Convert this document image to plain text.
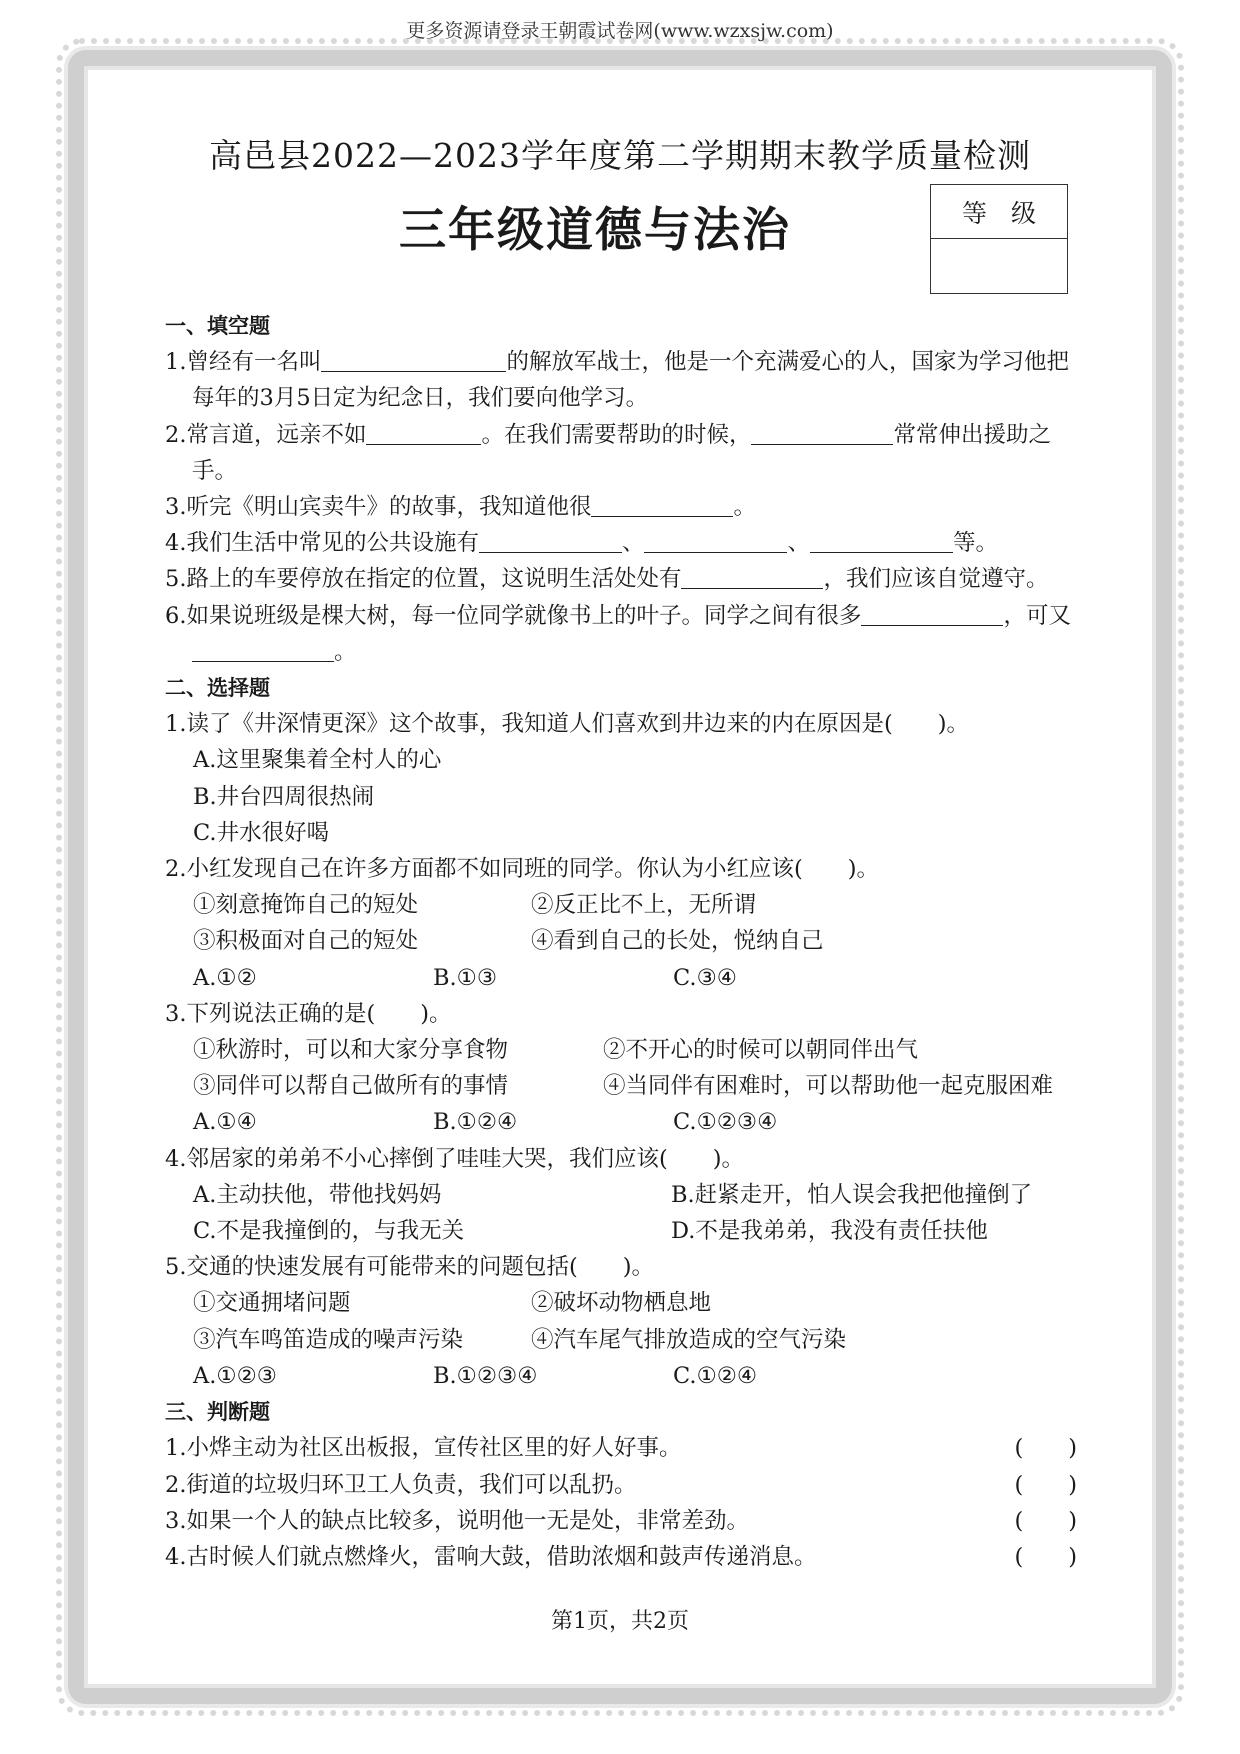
更多资源请登录王朝霞试卷网(www.wzxsjw.com)
高邑县2022—2023学年度第二学期期末教学质量检测
三年级道德与法治	等级
一、填空题
1.曾经有一名叫	的解放军战士，他是一个充满爱心的人，国家为学习他把每年的3月5日定为纪念日，我们要向他学习。
2.常言道，远亲不如	。在我们需要帮助的时候，	常常伸出援助之手。
3.听完《明山宾卖牛》的故事，我知道他很	。
4.我们生活中常见的公共设施有	、	、	等。
5.路上的车要停放在指定的位置，这说明生活处处有	，我们应该自觉遵守。
6.如果说班级是棵大树，每一位同学就像书上的叶子。同学之间有很多	，可又。
二、选择题
1.读了《井深情更深》这个故事，我知道人们喜欢到井边来的内在原因是(　　)。
A.这里聚集着全村人的心
B.井台四周很热闹
C.井水很好喝
2.小红发现自己在许多方面都不如同班的同学。你认为小红应该(　　)。
①刻意掩饰自己的短处	②反正比不上，无所谓
③积极面对自己的短处	④看到自己的长处，悦纳自己
A.①②	B.①③	C.③④
3.下列说法正确的是(　　)。
①秋游时，可以和大家分享食物	②不开心的时候可以朝同伴出气
③同伴可以帮自己做所有的事情	④当同伴有困难时，可以帮助他一起克服困难
A.①④	B.①②④	C.①②③④
4.邻居家的弟弟不小心摔倒了哇哇大哭，我们应该(　　)。
A.主动扶他，带他找妈妈	B.赶紧走开，怕人误会我把他撞倒了
C.不是我撞倒的，与我无关	D.不是我弟弟，我没有责任扶他
5.交通的快速发展有可能带来的问题包括(　　)。
①交通拥堵问题	②破坏动物栖息地
③汽车鸣笛造成的噪声污染	④汽车尾气排放造成的空气污染
A.①②③	B.①②③④	C.①②④
三、判断题
1.小烨主动为社区出板报，宣传社区里的好人好事。	(　　)
2.街道的垃圾归环卫工人负责，我们可以乱扔。	(　　)
3.如果一个人的缺点比较多，说明他一无是处，非常差劲。	(　　)
4.古时候人们就点燃烽火，雷响大鼓，借助浓烟和鼓声传递消息。	(　　)
第1页，共2页
